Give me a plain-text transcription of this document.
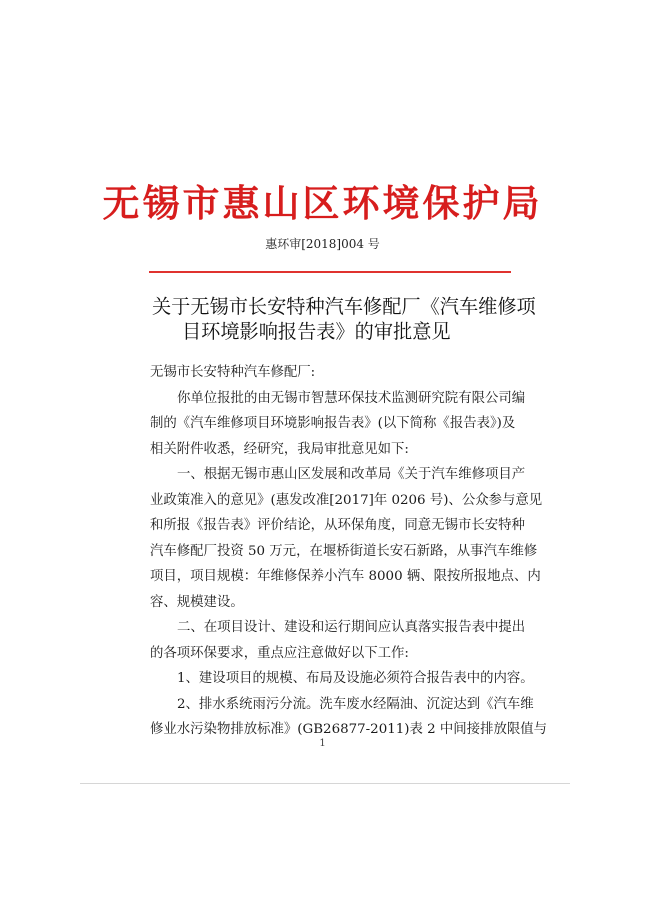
无锡市惠山区环境保护局
惠环审[2018]004 号
关于无锡市长安特种汽车修配厂《汽车维修项
目环境影响报告表》的审批意见
无锡市长安特种汽车修配厂:
你单位报批的由无锡市智慧环保技术监测研究院有限公司编
制的《汽车维修项目环境影响报告表》(以下简称《报告表》)及
相关附件收悉，经研究，我局审批意见如下:
一、根据无锡市惠山区发展和改革局《关于汽车维修项目产
业政策准入的意见》(惠发改准[2017]年 0206 号)、公众参与意见
和所报《报告表》评价结论，从环保角度，同意无锡市长安特种
汽车修配厂投资 50 万元，在堰桥街道长安石新路，从事汽车维修
项目，项目规模：年维修保养小汽车 8000 辆、限按所报地点、内
容、规模建设。
二、在项目设计、建设和运行期间应认真落实报告表中提出
的各项环保要求，重点应注意做好以下工作:
1、建设项目的规模、布局及设施必须符合报告表中的内容。
2、排水系统雨污分流。洗车废水经隔油、沉淀达到《汽车维
修业水污染物排放标准》(GB26877-2011)表 2 中间接排放限值与
1
